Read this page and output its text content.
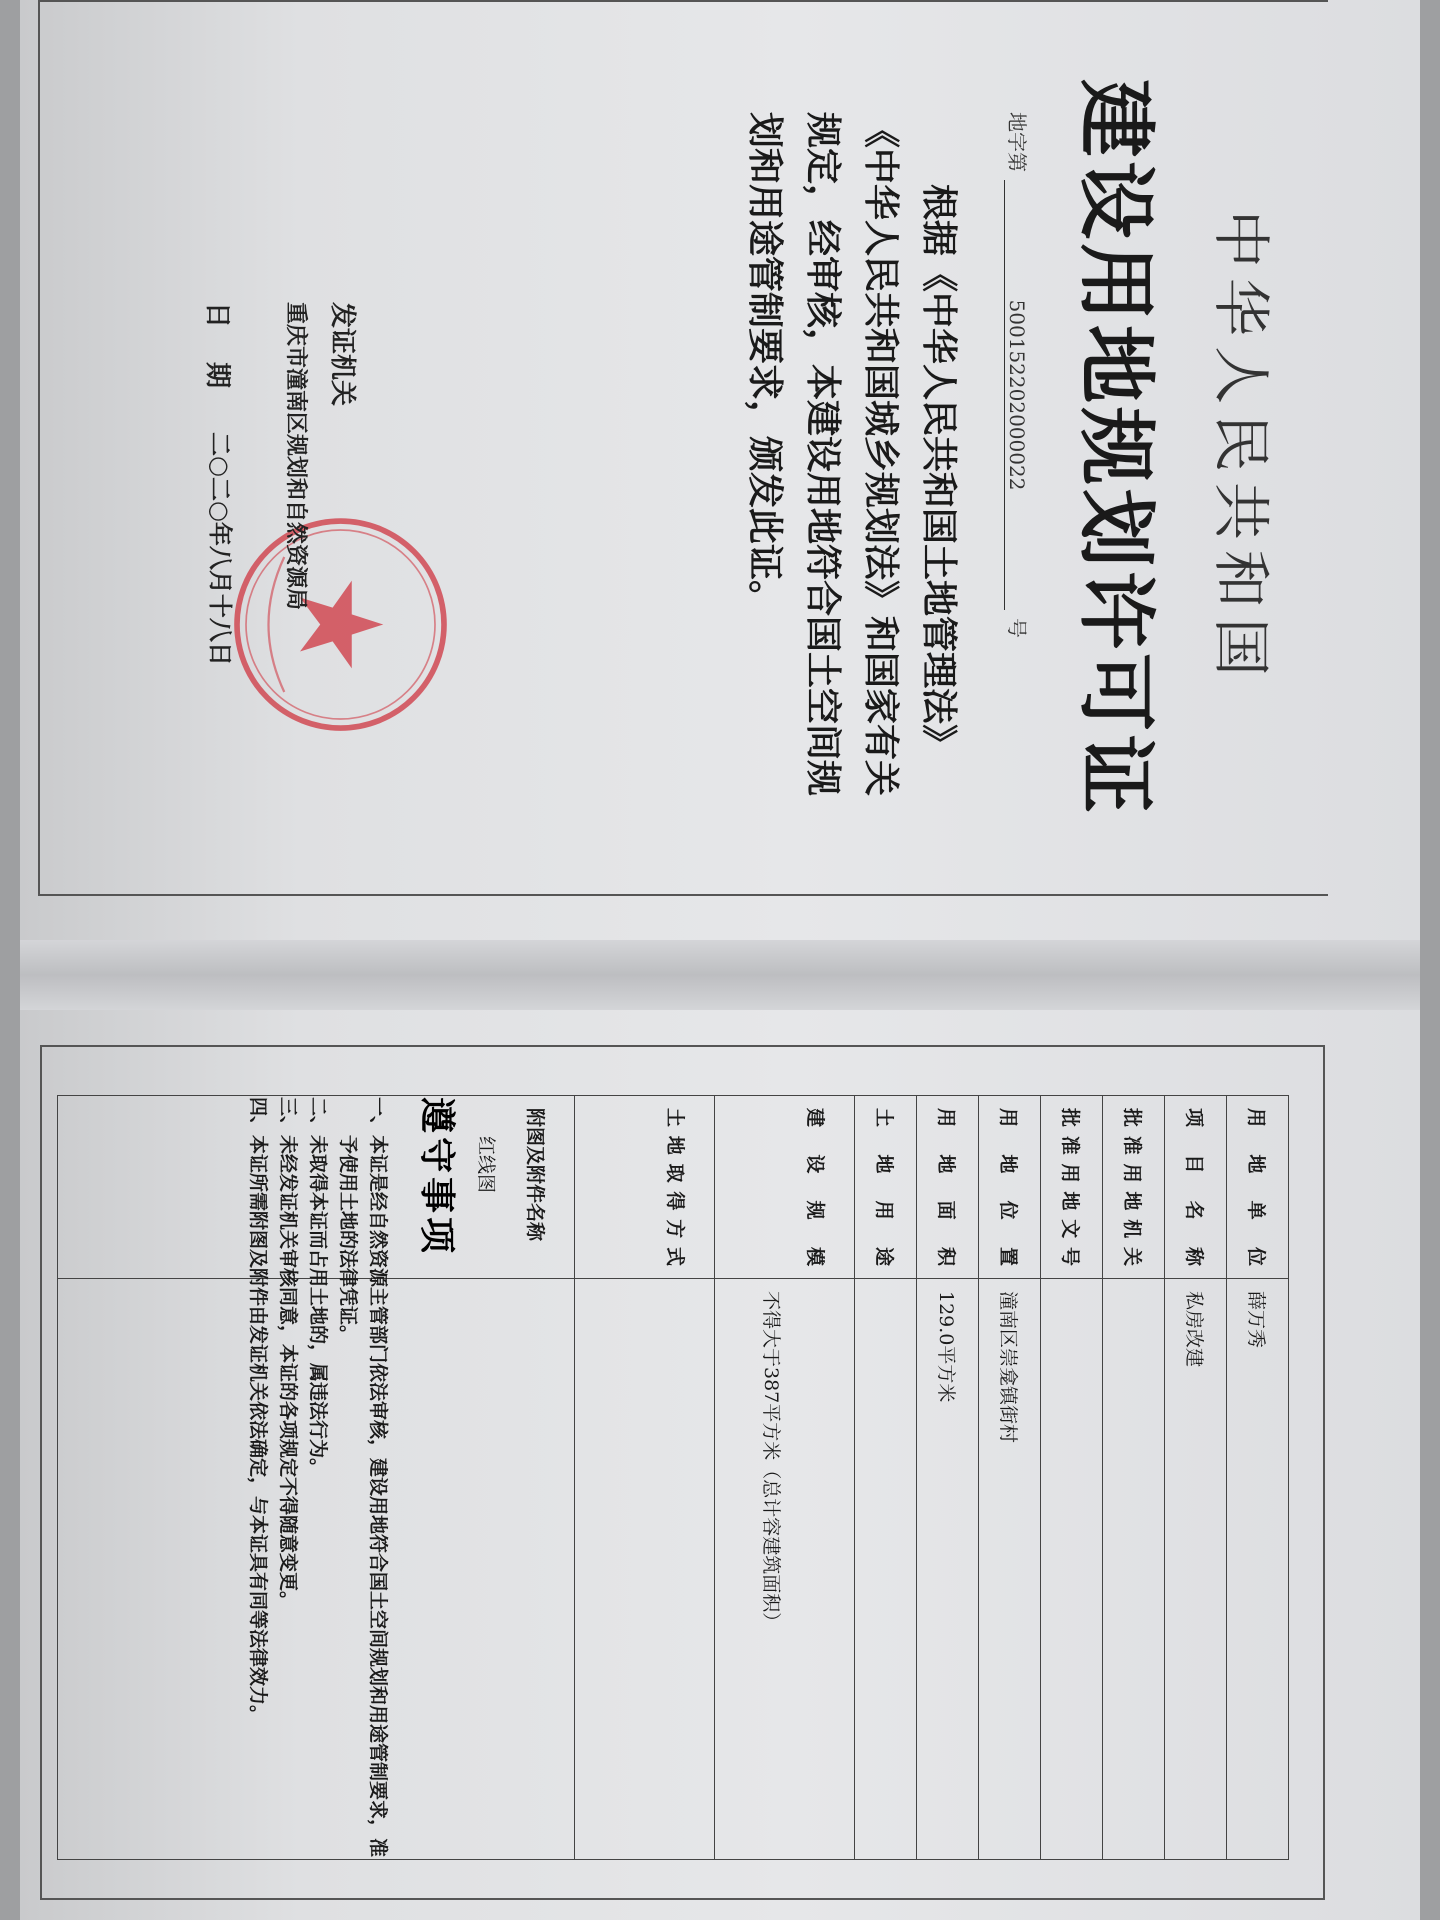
中华人民共和国
建设用地规划许可证
地字第500152202000022号
根据《中华人民共和国土地管理法》《中华人民共和国城乡规划法》和国家有关规定，经审核，本建设用地符合国土空间规划和用途管制要求，颁发此证。
发证机关
重庆市潼南区规划和自然资源局
日期
二○二○年八月十八日
用 地 单 位	薛万秀
项 目 名 称	私房改建
批准用地机关	
批准用地文号	
用 地 位 置	潼南区崇龛镇街村
用 地 面 积	129.0平方米
土 地 用 途	
建 设 规 模	不得大于387平方米（总计容建筑面积）
土地取得方式	
附图及附件名称
红线图	

遵守事项
一、本证是经自然资源主管部门依法审核，建设用地符合国土空间规划和用途管制要求，准予使用土地的法律凭证。
二、未取得本证而占用土地的，属违法行为。
三、未经发证机关审核同意，本证的各项规定不得随意变更。
四、本证所需附图及附件由发证机关依法确定，与本证具有同等法律效力。
